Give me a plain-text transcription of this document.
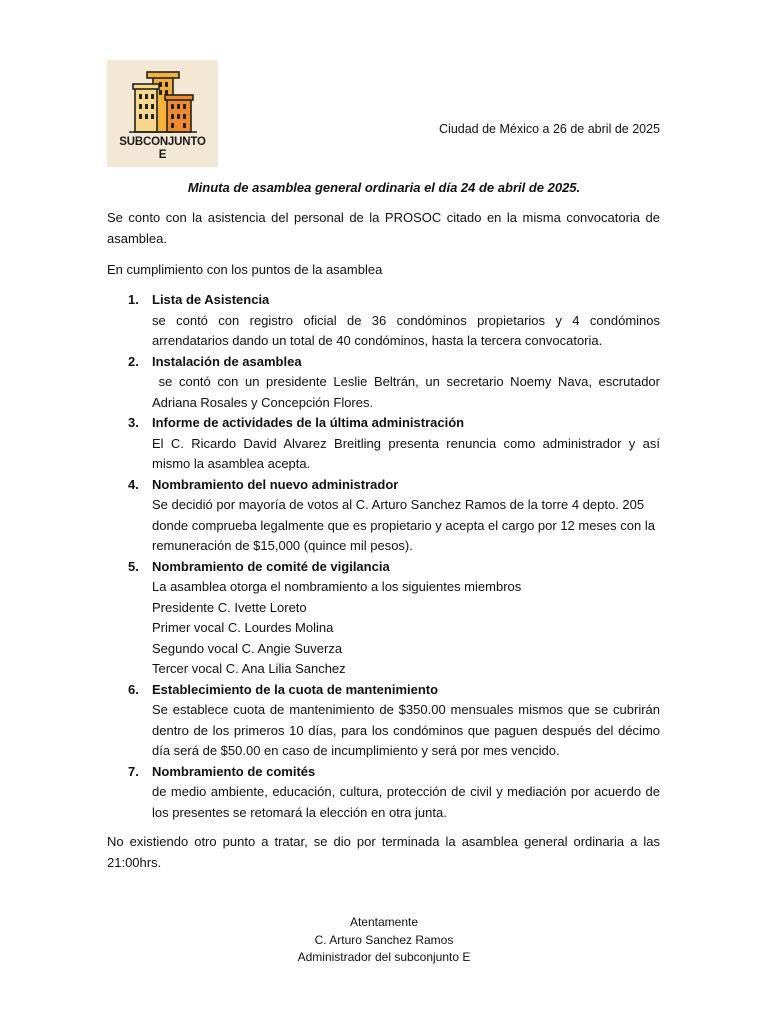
SUBCONJUNTO
E
Ciudad de México a 26 de abril de 2025
Minuta de asamblea general ordinaria el día 24 de abril de 2025.
Se conto con la asistencia del personal de la PROSOC citado en la misma convocatoria de asamblea.
En cumplimiento con los puntos de la asamblea
1. Lista de Asistencia
se contó con registro oficial de 36 condóminos propietarios y 4 condóminos arrendatarios dando un total de 40 condóminos, hasta la tercera convocatoria.
2. Instalación de asamblea
se contó con un presidente Leslie Beltrán, un secretario Noemy Nava, escrutador Adriana Rosales y Concepción Flores.
3. Informe de actividades de la última administración
El C. Ricardo David Alvarez Breitling presenta renuncia como administrador y así mismo la asamblea acepta.
4. Nombramiento del nuevo administrador
Se decidió por mayoría de votos al C. Arturo Sanchez Ramos de la torre 4 depto. 205 donde comprueba legalmente que es propietario y acepta el cargo por 12 meses con la remuneración de $15,000 (quince mil pesos).
5. Nombramiento de comité de vigilancia
La asamblea otorga el nombramiento a los siguientes miembros
Presidente C. Ivette Loreto
Primer vocal C. Lourdes Molina
Segundo vocal C. Angie Suverza
Tercer vocal C. Ana Lilia Sanchez
6. Establecimiento de la cuota de mantenimiento
Se establece cuota de mantenimiento de $350.00 mensuales mismos que se cubrirán dentro de los primeros 10 días, para los condóminos que paguen después del décimo día será de $50.00 en caso de incumplimiento y será por mes vencido.
7. Nombramiento de comités
de medio ambiente, educación, cultura, protección de civil y mediación por acuerdo de los presentes se retomará la elección en otra junta.
No existiendo otro punto a tratar, se dio por terminada la asamblea general ordinaria a las 21:00hrs.
Atentamente
C. Arturo Sanchez Ramos
Administrador del subconjunto E
